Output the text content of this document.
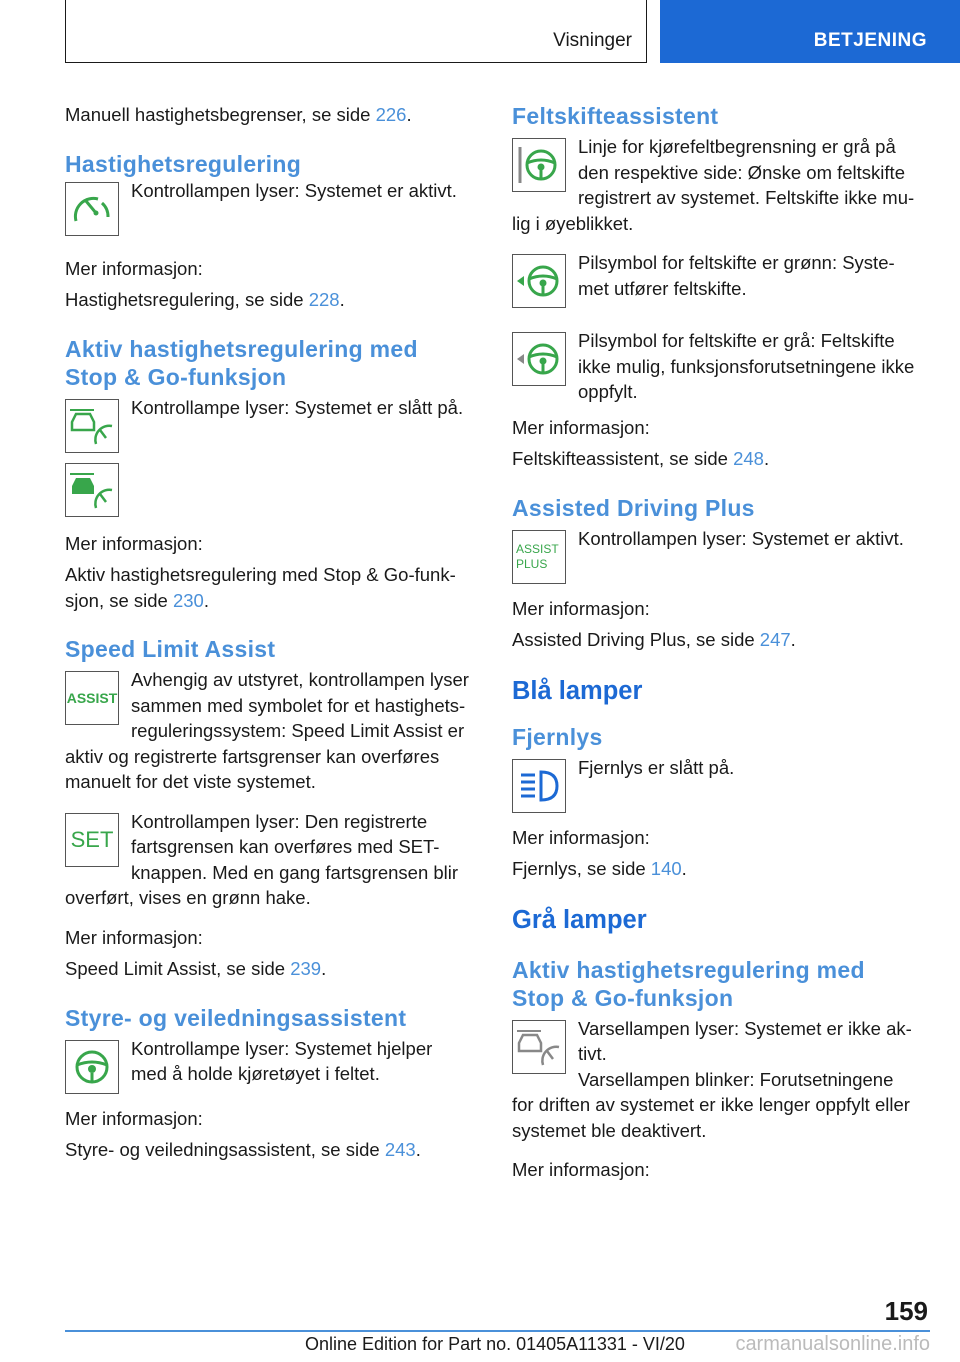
Visninger	BETJENING

Manuell hastighetsbegrenser, se side 226.

Hastighetsregulering

Kontrollampen lyser: Systemet er aktivt.

Mer informasjon:

Hastighetsregulering, se side 228.

Aktiv hastighetsregulering med
Stop & Go-funksjon

Kontrollampe lyser: Systemet er slått på.

Mer informasjon:

Aktiv hastighetsregulering med Stop & Go-funk-
sjon, se side 230.

Speed Limit Assist
ASSIST

Avhengig av utstyret, kontrollampen lyser
sammen med symbolet for et hastighets-
reguleringssystem: Speed Limit Assist er
aktiv og registrerte fartsgrenser kan overføres
manuelt for det viste systemet.

SET

Kontrollampen lyser: Den registrerte
fartsgrensen kan overføres med SET-
knappen. Med en gang fartsgrensen blir
overført, vises en grønn hake.

Mer informasjon:

Speed Limit Assist, se side 239.

Styre- og veiledningsassistent

Kontrollampe lyser: Systemet hjelper
med å holde kjøretøyet i feltet.

Mer informasjon:

Styre- og veiledningsassistent, se side 243.

Feltskifteassistent

Linje for kjørefeltbegrensning er grå på
den respektive side: Ønske om feltskifte
registrert av systemet. Feltskifte ikke mu-
lig i øyeblikket.

Pilsymbol for feltskifte er grønn: Syste-
met utfører feltskifte.

Pilsymbol for feltskifte er grå: Feltskifte
ikke mulig, funksjonsforutsetningene ikke
oppfylt.

Mer informasjon:

Feltskifteassistent, se side 248.

Assisted Driving Plus
ASSIST
PLUS

Kontrollampen lyser: Systemet er aktivt.

Mer informasjon:

Assisted Driving Plus, se side 247.

Blå lamper
Fjernlys

Fjernlys er slått på.

Mer informasjon:

Fjernlys, se side 140.

Grå lamper
Aktiv hastighetsregulering med
Stop & Go-funksjon

Varsellampen lyser: Systemet er ikke ak-
tivt.
Varsellampen blinker: Forutsetningene
for driften av systemet er ikke lenger oppfylt eller
systemet ble deaktivert.

Mer informasjon:

159
Online Edition for Part no. 01405A11331 - VI/20	carmanualsonline.info
